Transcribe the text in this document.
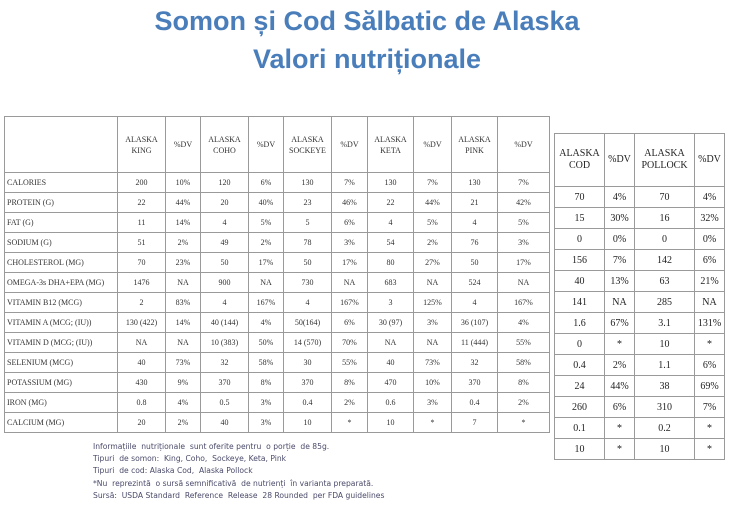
Somon și Cod Sălbatic de Alaska
Valori nutriționale
	ALASKA KING	%DV	ALASKA COHO	%DV	ALASKA SOCKEYE	%DV	ALASKA KETA	%DV	ALASKA PINK	%DV
CALORIES	200	10%	120	6%	130	7%	130	7%	130	7%
PROTEIN (G)	22	44%	20	40%	23	46%	22	44%	21	42%
FAT (G)	11	14%	4	5%	5	6%	4	5%	4	5%
SODIUM (G)	51	2%	49	2%	78	3%	54	2%	76	3%
CHOLESTEROL (MG)	70	23%	50	17%	50	17%	80	27%	50	17%
OMEGA-3s DHA+EPA (MG)	1476	NA	900	NA	730	NA	683	NA	524	NA
VITAMIN B12 (MCG)	2	83%	4	167%	4	167%	3	125%	4	167%
VITAMIN A (MCG; (IU))	130 (422)	14%	40 (144)	4%	50(164)	6%	30 (97)	3%	36 (107)	4%
VITAMIN D (MCG; (IU))	NA	NA	10 (383)	50%	14 (570)	70%	NA	NA	11 (444)	55%
SELENIUM (MCG)	40	73%	32	58%	30	55%	40	73%	32	58%
POTASSIUM (MG)	430	9%	370	8%	370	8%	470	10%	370	8%
IRON (MG)	0.8	4%	0.5	3%	0.4	2%	0.6	3%	0.4	2%
CALCIUM (MG)	20	2%	40	3%	10	*	10	*	7	*
ALASKA COD	%DV	ALASKA POLLOCK	%DV
70	4%	70	4%
15	30%	16	32%
0	0%	0	0%
156	7%	142	6%
40	13%	63	21%
141	NA	285	NA
1.6	67%	3.1	131%
0	*	10	*
0.4	2%	1.1	6%
24	44%	38	69%
260	6%	310	7%
0.1	*	0.2	*
10	*	10	*
Informațiile  nutriționale  sunt oferite pentru  o porție  de 85g.
Tipuri  de somon:  King, Coho,  Sockeye, Keta, Pink
Tipuri  de cod: Alaska Cod,  Alaska Pollock
*Nu  reprezintă  o sursă semnificativă  de nutrienți  în varianta preparată.
Sursă:  USDA Standard  Reference  Release  28 Rounded  per FDA guidelines
